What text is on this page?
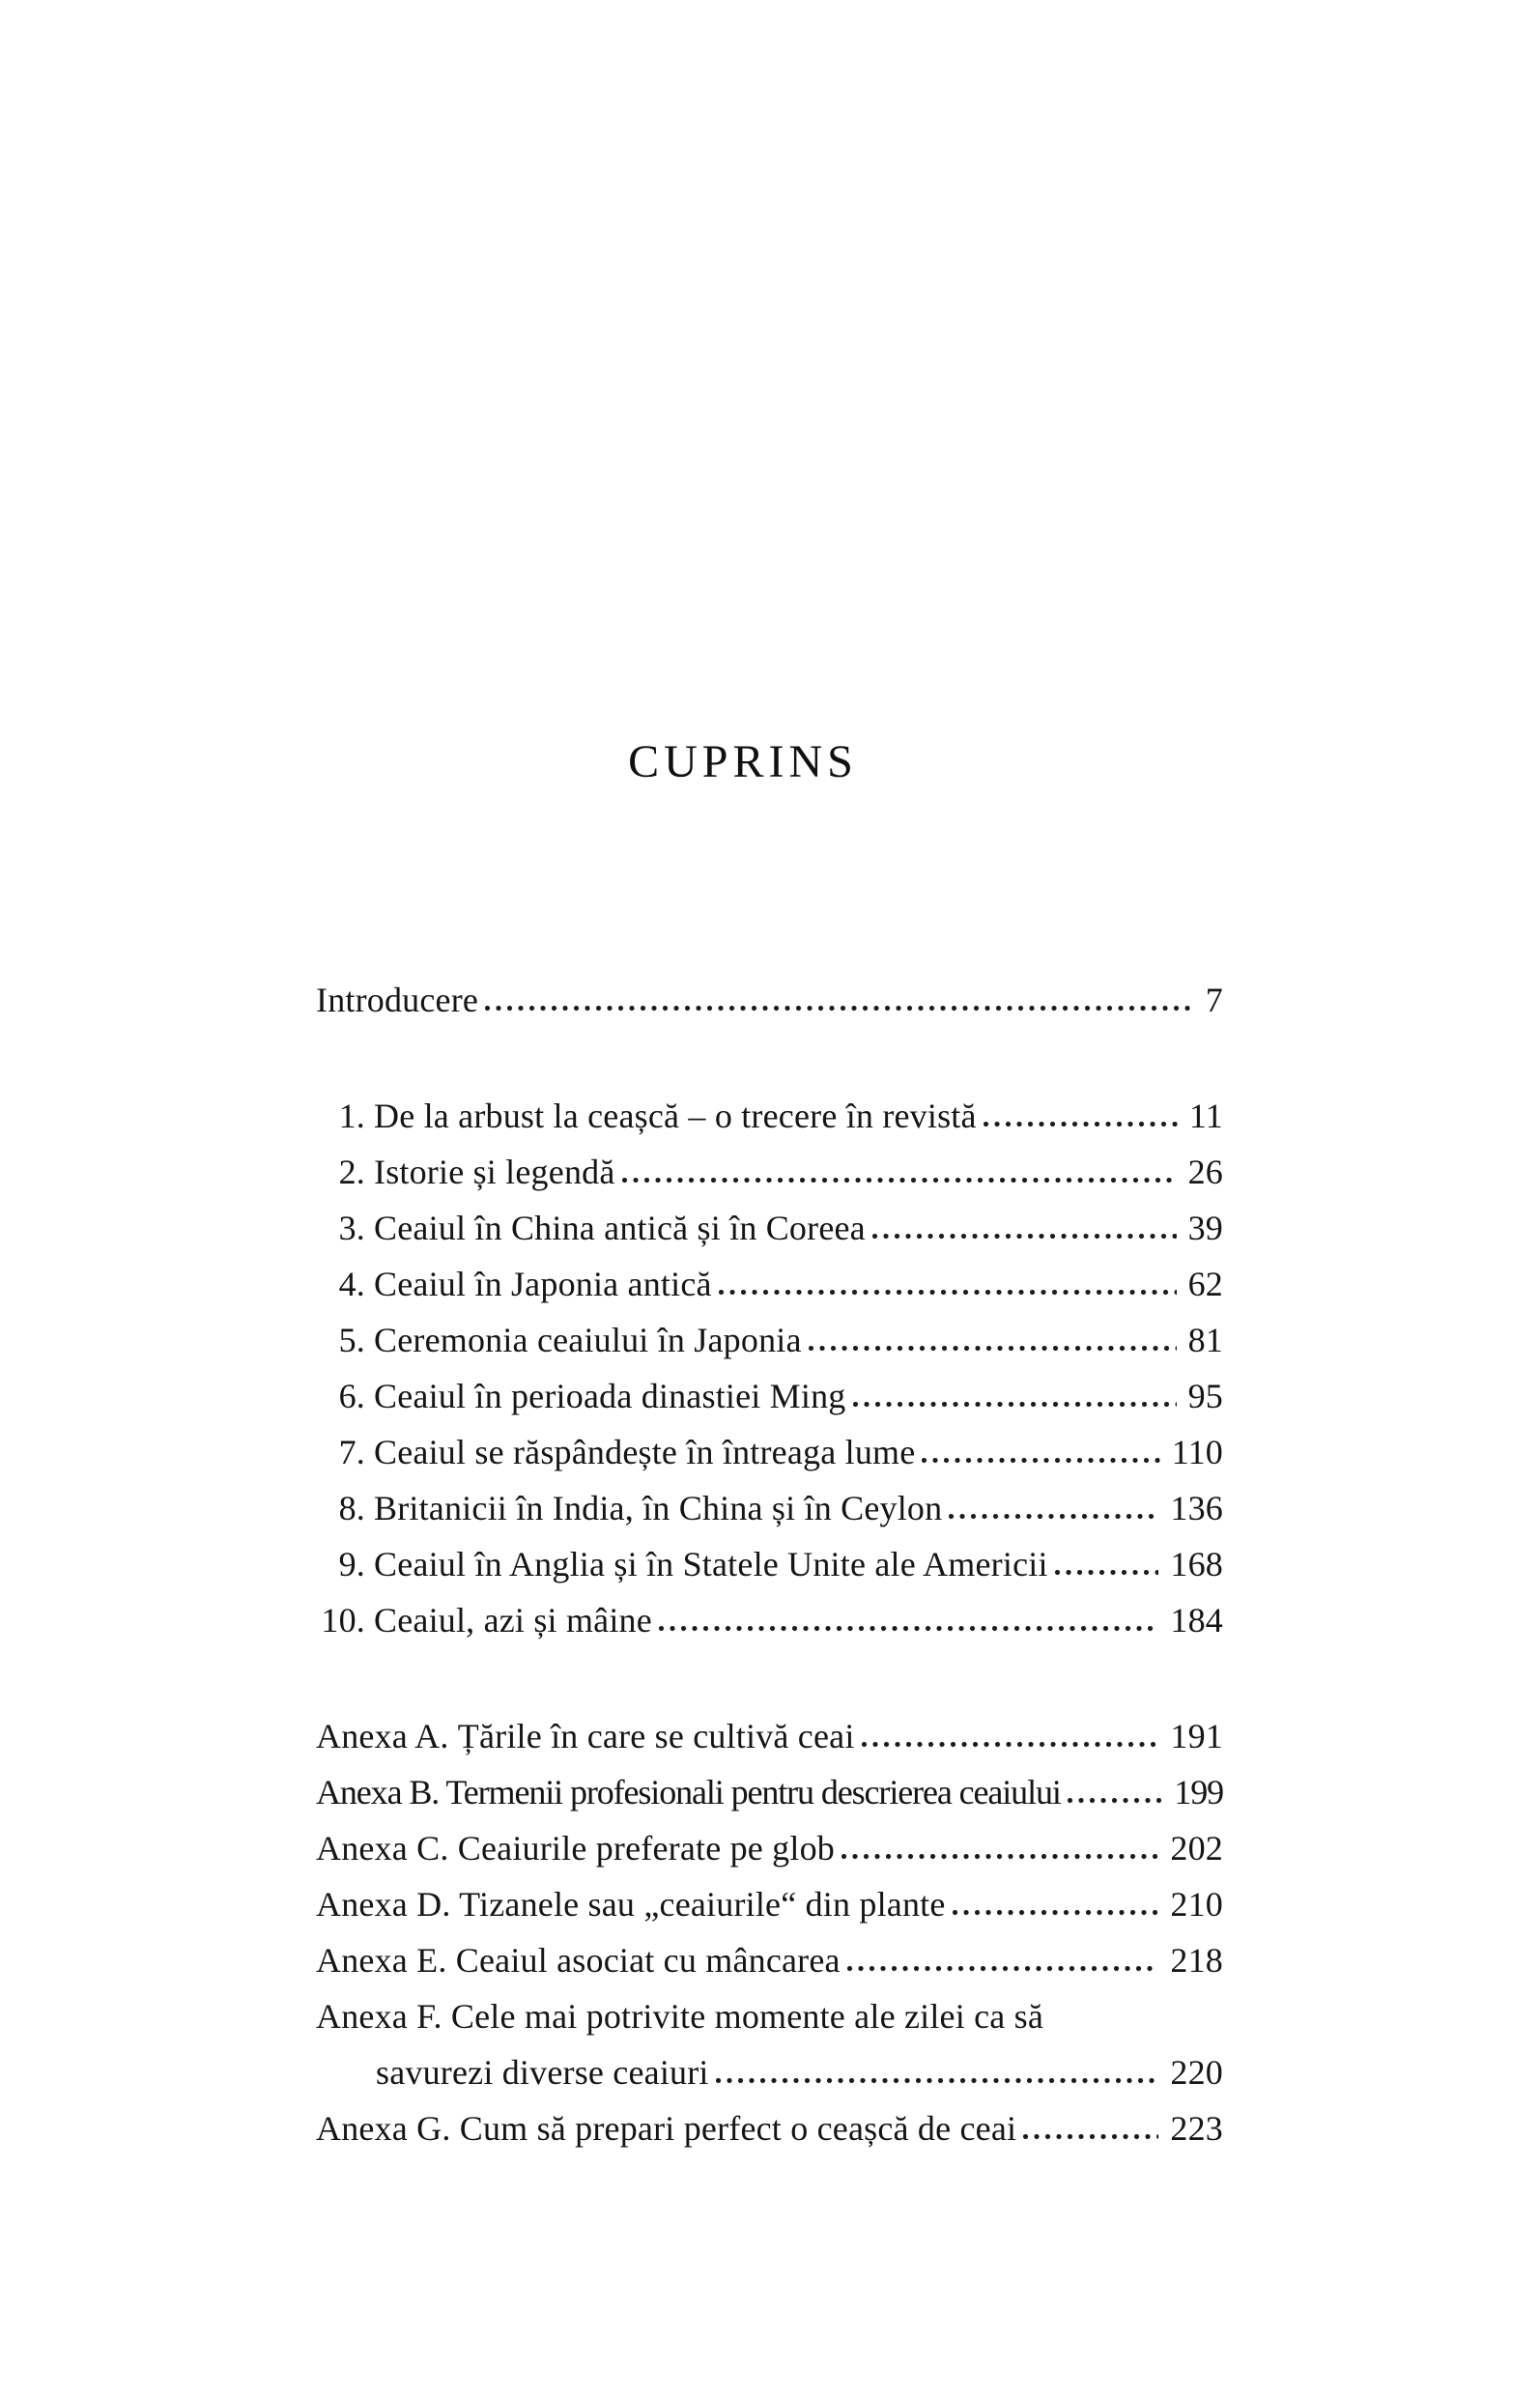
CUPRINS
Introducere	7
1. De la arbust la ceașcă – o trecere în revistă	11
2. Istorie și legendă	26
3. Ceaiul în China antică și în Coreea	39
4. Ceaiul în Japonia antică	62
5. Ceremonia ceaiului în Japonia	81
6. Ceaiul în perioada dinastiei Ming	95
7. Ceaiul se răspândește în întreaga lume	110
8. Britanicii în India, în China și în Ceylon	136
9. Ceaiul în Anglia și în Statele Unite ale Americii	168
10. Ceaiul, azi și mâine	184
Anexa A. Țările în care se cultivă ceai	191
Anexa B. Termenii profesionali pentru descrierea ceaiului	199
Anexa C. Ceaiurile preferate pe glob	202
Anexa D. Tizanele sau „ceaiurile“ din plante	210
Anexa E. Ceaiul asociat cu mâncarea	218
Anexa F. Cele mai potrivite momente ale zilei ca să
savurezi diverse ceaiuri	220
Anexa G. Cum să prepari perfect o ceașcă de ceai	223
